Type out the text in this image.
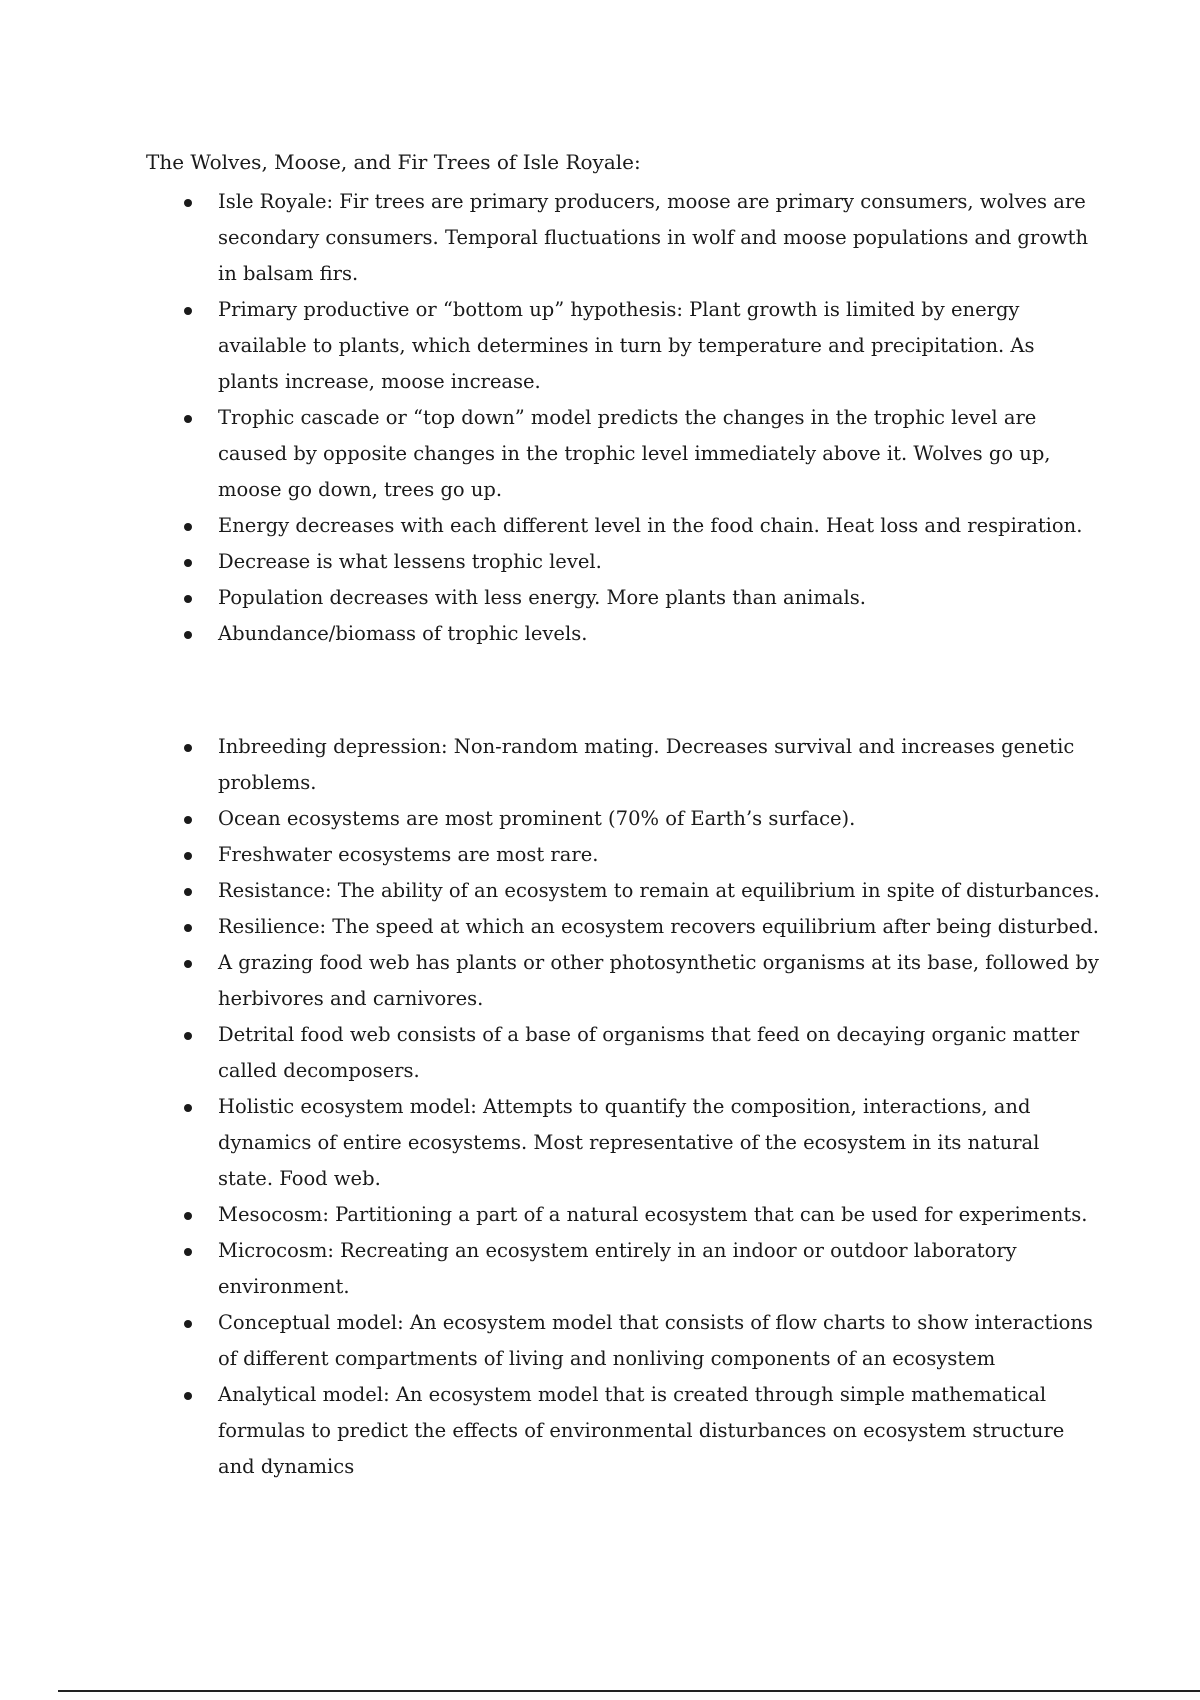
The Wolves, Moose, and Fir Trees of Isle Royale:
Isle Royale: Fir trees are primary producers, moose are primary consumers, wolves are secondary consumers. Temporal fluctuations in wolf and moose populations and growth in balsam firs.
Primary productive or “bottom up” hypothesis: Plant growth is limited by energy available to plants, which determines in turn by temperature and precipitation. As plants increase, moose increase.
Trophic cascade or “top down” model predicts the changes in the trophic level are caused by opposite changes in the trophic level immediately above it. Wolves go up, moose go down, trees go up.
Energy decreases with each different level in the food chain. Heat loss and respiration.
Decrease is what lessens trophic level.
Population decreases with less energy. More plants than animals.
Abundance/biomass of trophic levels.
Inbreeding depression: Non-random mating. Decreases survival and increases genetic problems.
Ocean ecosystems are most prominent (70% of Earth’s surface).
Freshwater ecosystems are most rare.
Resistance: The ability of an ecosystem to remain at equilibrium in spite of disturbances.
Resilience: The speed at which an ecosystem recovers equilibrium after being disturbed.
A grazing food web has plants or other photosynthetic organisms at its base, followed by herbivores and carnivores.
Detrital food web consists of a base of organisms that feed on decaying organic matter called decomposers.
Holistic ecosystem model: Attempts to quantify the composition, interactions, and dynamics of entire ecosystems. Most representative of the ecosystem in its natural state. Food web.
Mesocosm: Partitioning a part of a natural ecosystem that can be used for experiments.
Microcosm: Recreating an ecosystem entirely in an indoor or outdoor laboratory environment.
Conceptual model: An ecosystem model that consists of flow charts to show interactions of different compartments of living and nonliving components of an ecosystem
Analytical model: An ecosystem model that is created through simple mathematical formulas to predict the effects of environmental disturbances on ecosystem structure and dynamics
